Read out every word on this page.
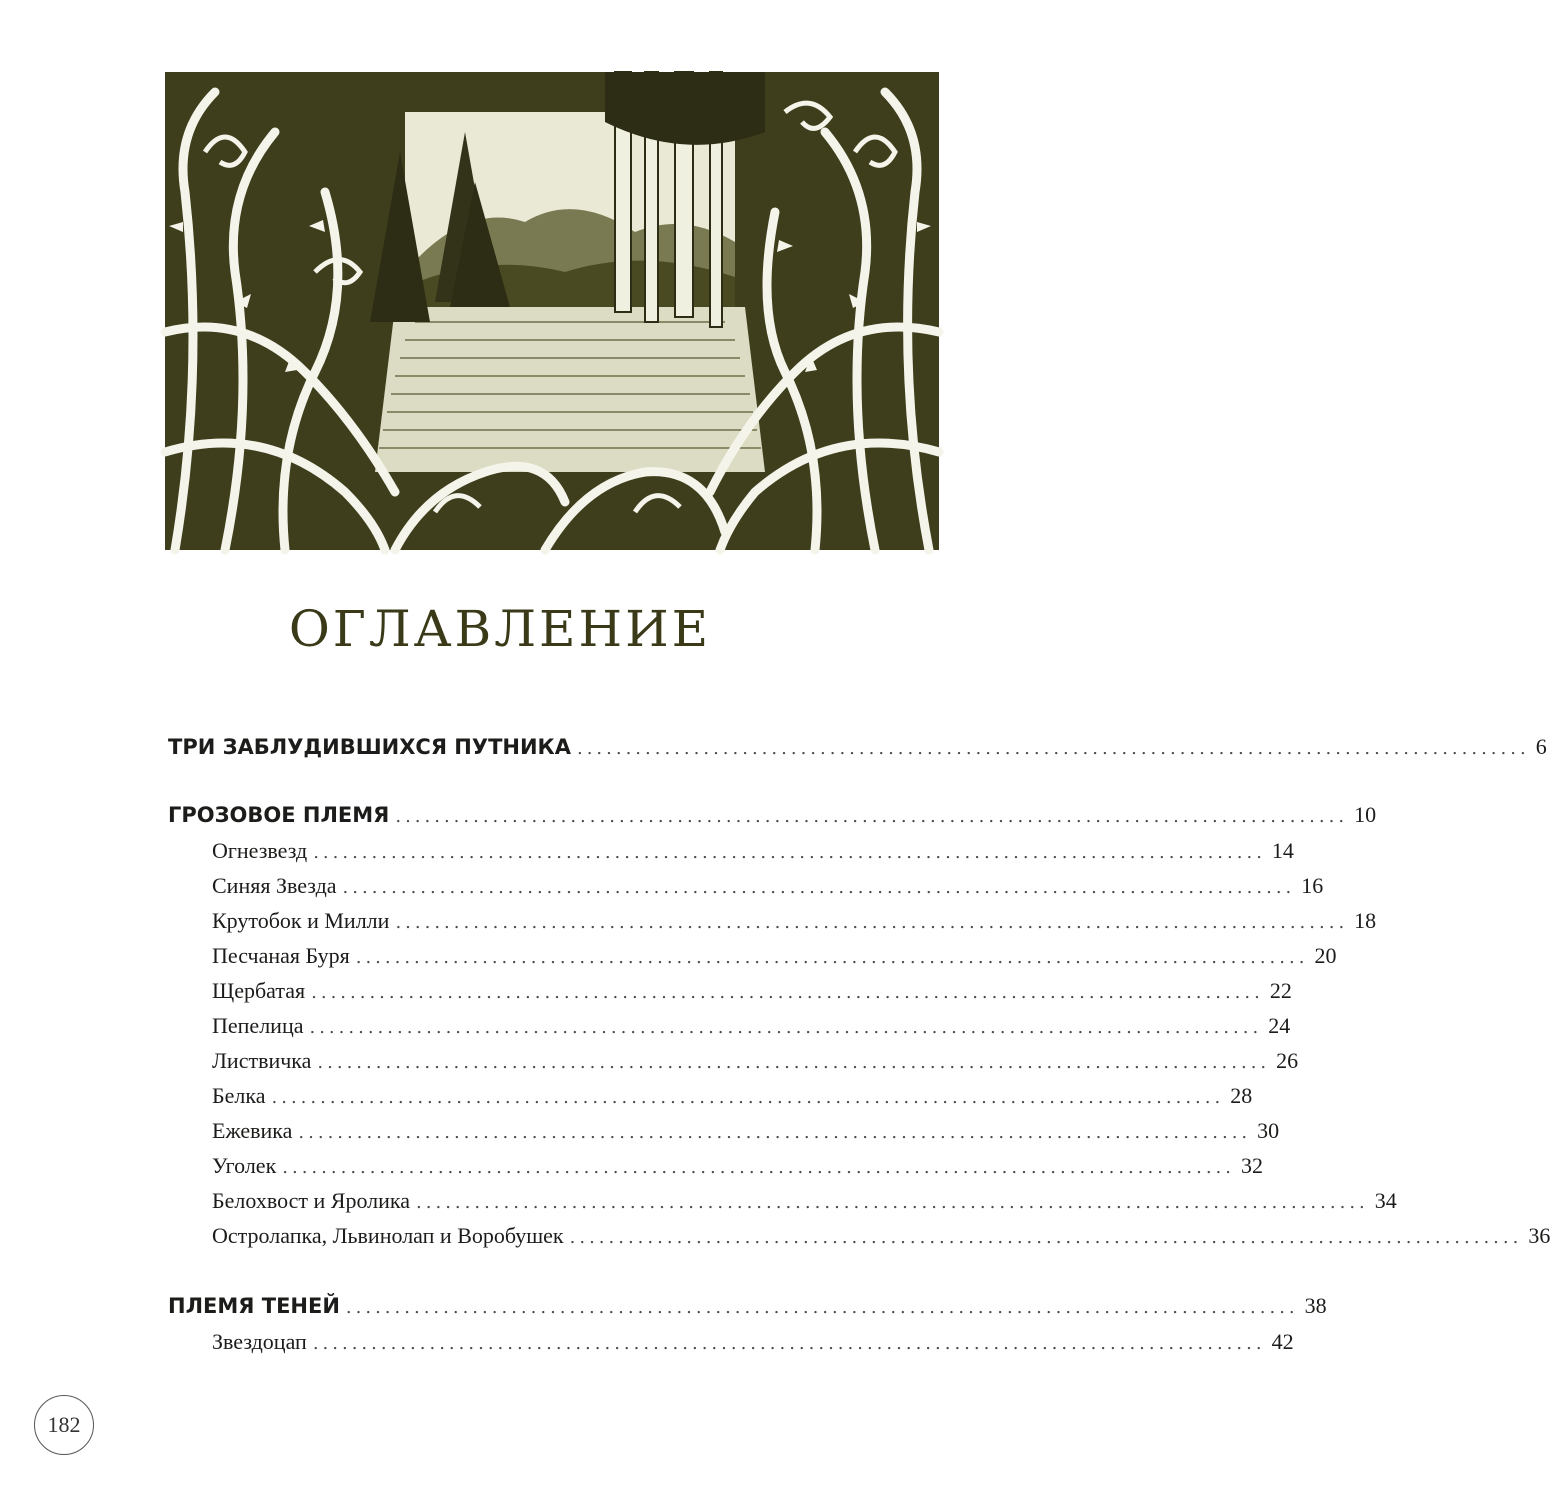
ОГЛАВЛЕНИЕ
ТРИ ЗАБЛУДИВШИХСЯ ПУТНИКА .................................................................................................. 6
ГРОЗОВОЕ ПЛЕМЯ .................................................................................................. 10
Огнезвезд .................................................................................................. 14
Синяя Звезда .................................................................................................. 16
Крутобок и Милли .................................................................................................. 18
Песчаная Буря .................................................................................................. 20
Щербатая .................................................................................................. 22
Пепелица .................................................................................................. 24
Листвичка .................................................................................................. 26
Белка .................................................................................................. 28
Ежевика .................................................................................................. 30
Уголек .................................................................................................. 32
Белохвост и Яролика .................................................................................................. 34
Остролапка, Львинолап и Воробушек .................................................................................................. 36
ПЛЕМЯ ТЕНЕЙ .................................................................................................. 38
Звездоцап .................................................................................................. 42
182
